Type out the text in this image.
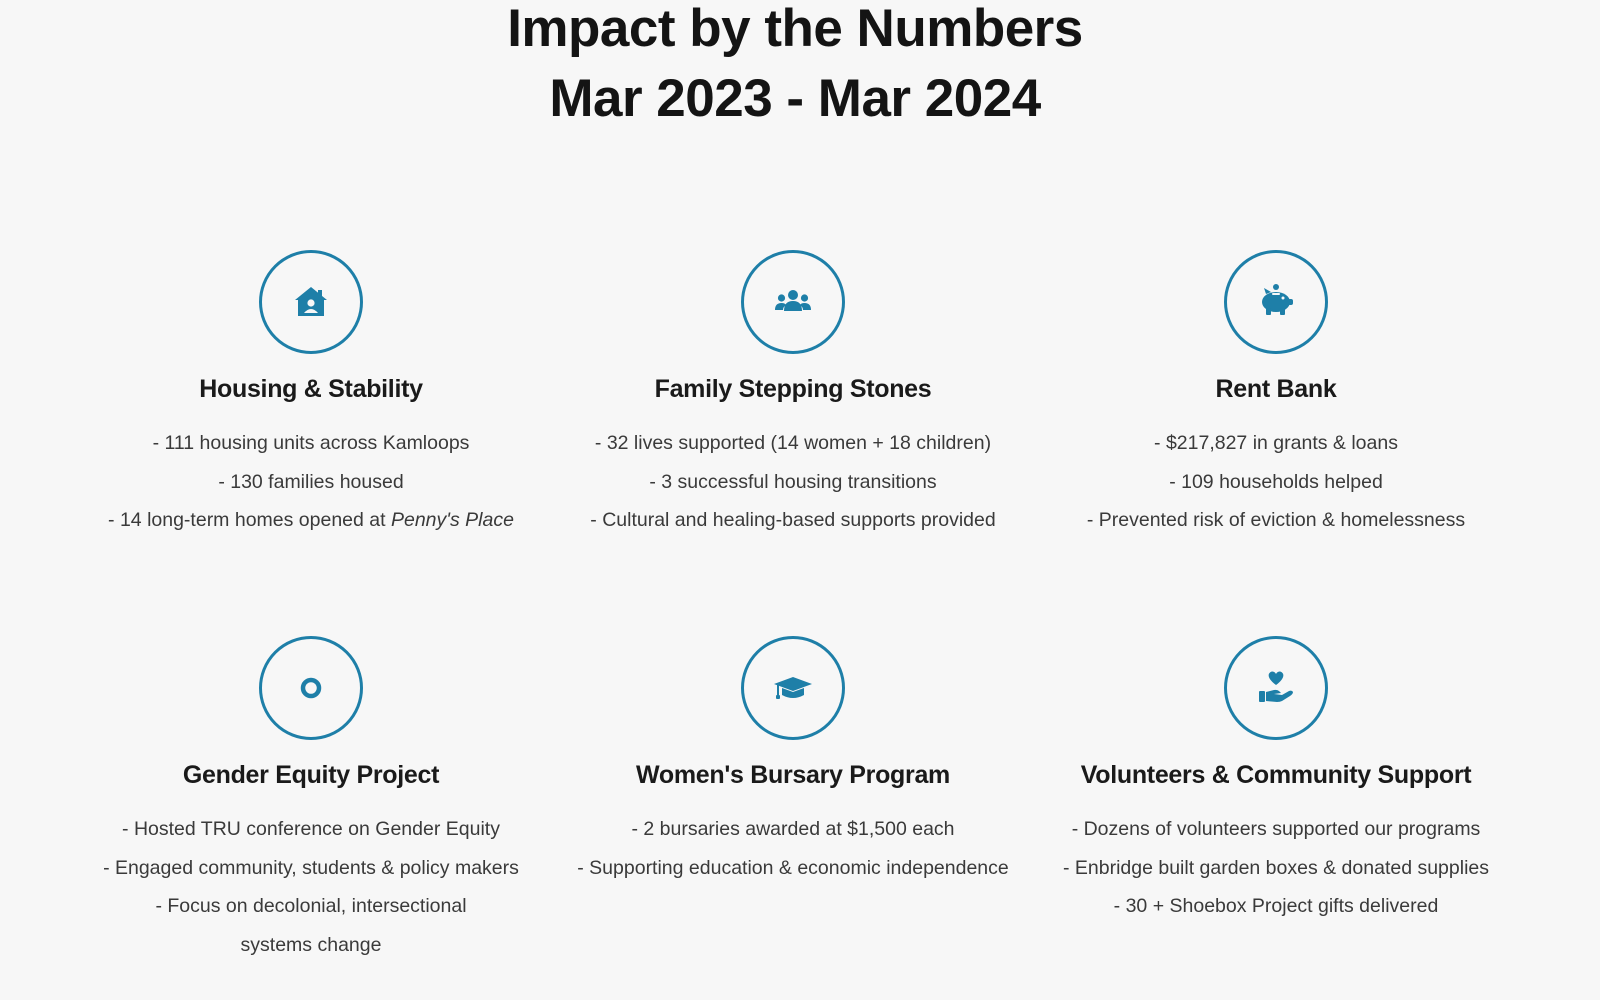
Impact by the Numbers
Mar 2023 - Mar 2024
Housing & Stability
- 111 housing units across Kamloops
- 130 families housed
- 14 long-term homes opened at Penny's Place
Family Stepping Stones
- 32 lives supported (14 women + 18 children)
- 3 successful housing transitions
- Cultural and healing-based supports provided
Rent Bank
- $217,827 in grants & loans
- 109 households helped
- Prevented risk of eviction & homelessness
Gender Equity Project
- Hosted TRU conference on Gender Equity
- Engaged community, students & policy makers
- Focus on decolonial, intersectional systems change
Women's Bursary Program
- 2 bursaries awarded at $1,500 each
- Supporting education & economic independence
Volunteers & Community Support
- Dozens of volunteers supported our programs
- Enbridge built garden boxes & donated supplies
- 30 + Shoebox Project gifts delivered
